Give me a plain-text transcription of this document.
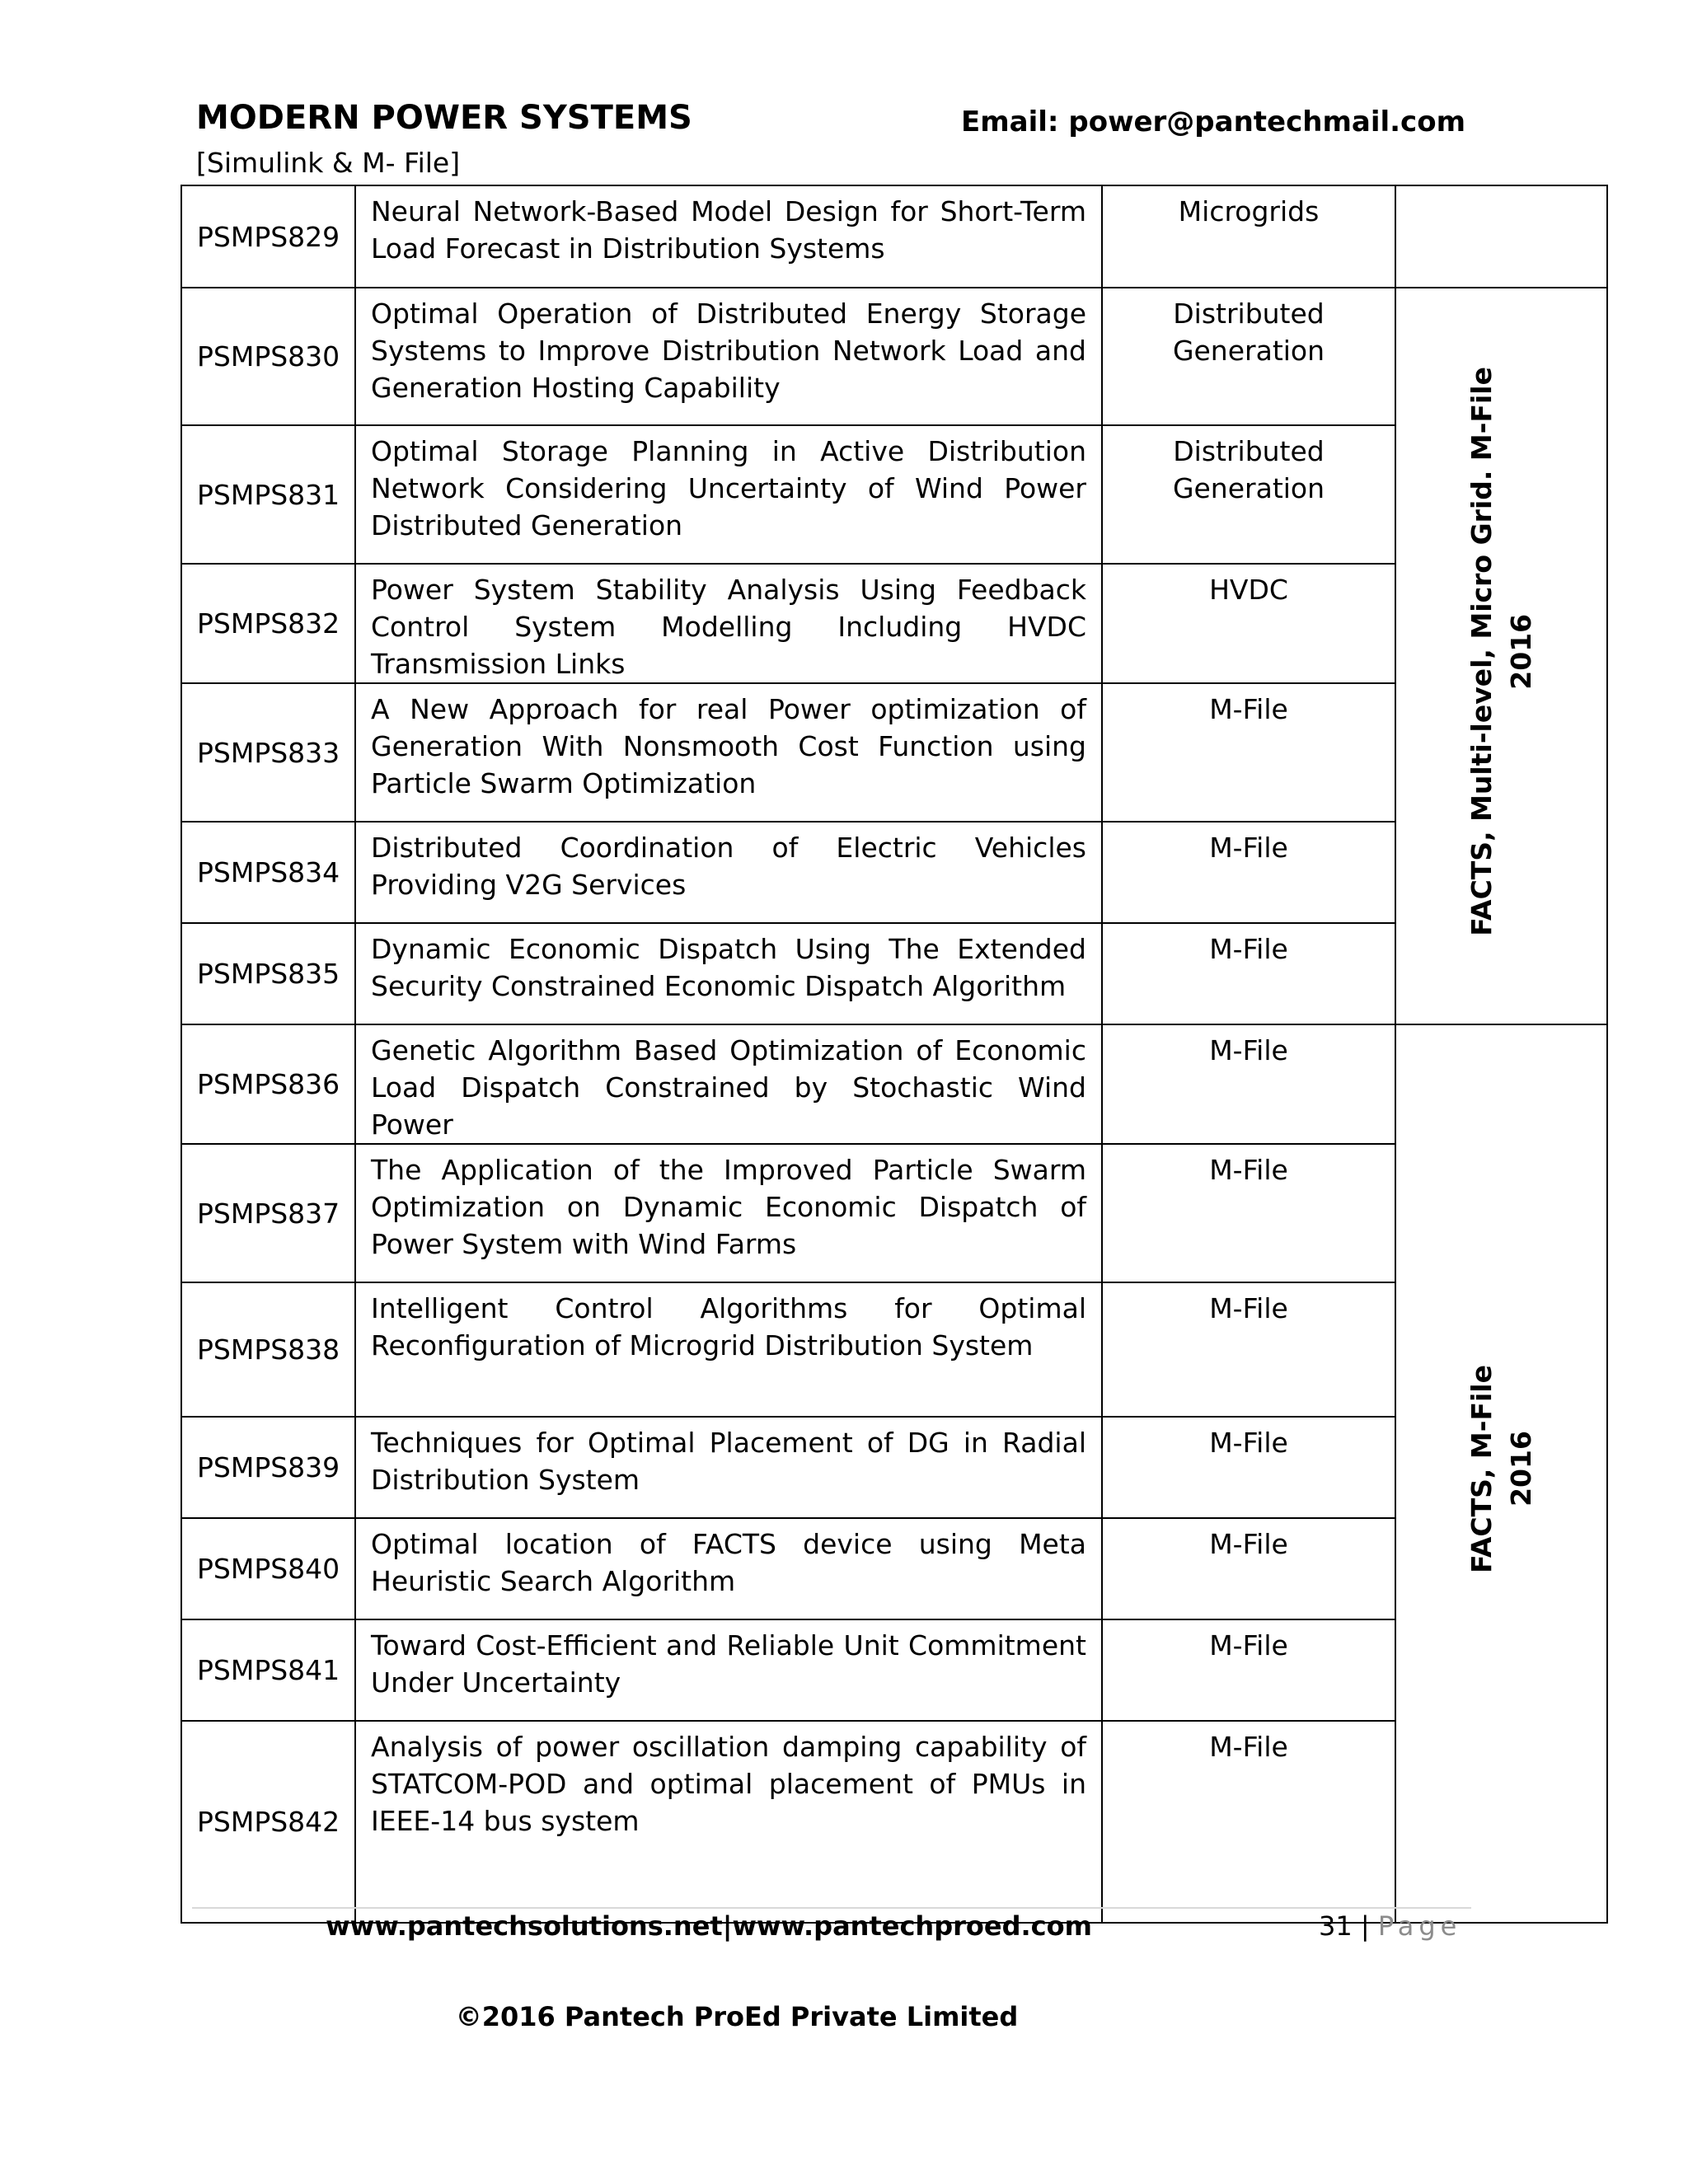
MODERN POWER SYSTEMS	Email: power@pantechmail.com
[Simulink & M- File]
PSMPS829	Neural Network-Based Model Design for Short-Term Load Forecast in Distribution Systems	Microgrids	
PSMPS830	Optimal Operation of Distributed Energy Storage Systems to Improve Distribution Network Load and Generation Hosting Capability	Distributed Generation	FACTS, Multi-level, Micro Grid. M-File 2016

PSMPS831	Optimal Storage Planning in Active Distribution Network Considering Uncertainty of Wind Power Distributed Generation	Distributed Generation	
PSMPS832	Power System Stability Analysis Using Feedback Control System Modelling Including HVDC Transmission Links	HVDC	
PSMPS833	A New Approach for real Power optimization of Generation With Nonsmooth Cost Function using Particle Swarm Optimization	M-File	
PSMPS834	Distributed Coordination of Electric Vehicles Providing V2G Services	M-File	
PSMPS835	Dynamic Economic Dispatch Using The Extended Security Constrained Economic Dispatch Algorithm	M-File	
PSMPS836	Genetic Algorithm Based Optimization of Economic Load Dispatch Constrained by Stochastic Wind Power	M-File	FACTS, M-File 2016

PSMPS837	The Application of the Improved Particle Swarm Optimization on Dynamic Economic Dispatch of Power System with Wind Farms	M-File	
PSMPS838	Intelligent Control Algorithms for Optimal Reconfiguration of Microgrid Distribution System	M-File	
PSMPS839	Techniques for Optimal Placement of DG in Radial Distribution System	M-File	
PSMPS840	Optimal location of FACTS device using Meta Heuristic Search Algorithm	M-File	
PSMPS841	Toward Cost-Efficient and Reliable Unit Commitment Under Uncertainty	M-File	
PSMPS842	Analysis of power oscillation damping capability of STATCOM-POD and optimal placement of PMUs in IEEE-14 bus system	M-File	
www.pantechsolutions.net|www.pantechproed.com	31 | Page
©2016 Pantech ProEd Private Limited
